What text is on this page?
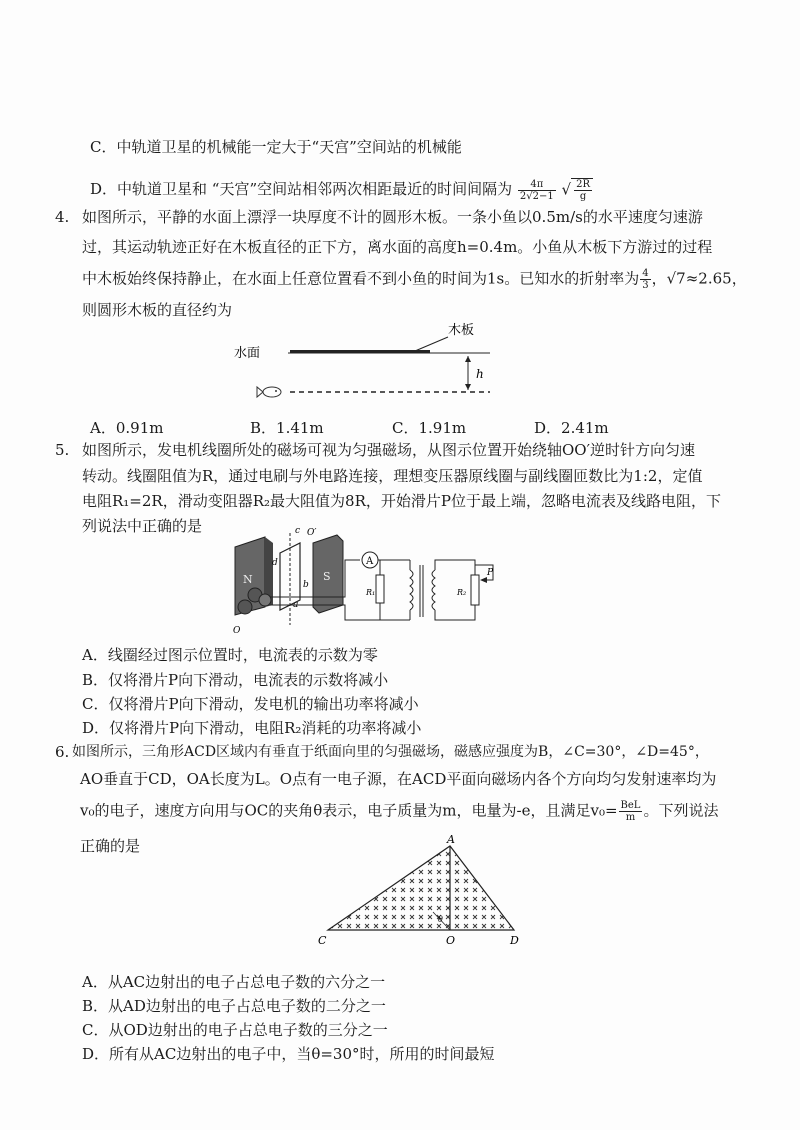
C．中轨道卫星的机械能一定大于“天宫”空间站的机械能
D．中轨道卫星和 “天宫”空间站相邻两次相距最近的时间间隔为 $\frac{4\pi}{2√2-1}$ √ $\frac{2R}{g}$
4. 如图所示，平静的水面上漂浮一块厚度不计的圆形木板。一条小鱼以0.5m/s的水平速度匀速游
过，其运动轨迹正好在木板直径的正下方，离水面的高度h=0.4m。小鱼从木板下方游过的过程
中木板始终保持静止，在水面上任意位置看不到小鱼的时间为1s。已知水的折射率为 $\frac{4}{3}$ ，√7≈2.65，
则圆形木板的直径约为
水面
木板
h
A．0.91m	B．1.41m	C．1.91m	D．2.41m
5. 如图所示，发电机线圈所处的磁场可视为匀强磁场，从图示位置开始绕轴OO′逆时针方向匀速
转动。线圈阻值为R，通过电刷与外电路连接，理想变压器原线圈与副线圈匝数比为1:2，定值
电阻R₁=2R，滑动变阻器R₂最大阻值为8R，开始滑片P位于最上端，忽略电流表及线路电阻，下
列说法中正确的是
N	S
c O′
d
b
a
O
A
R₁	R₂
P
A．线圈经过图示位置时，电流表的示数为零
B．仅将滑片P向下滑动，电流表的示数将减小
C．仅将滑片P向下滑动，发电机的输出功率将减小
D．仅将滑片P向下滑动，电阻R₂消耗的功率将减小
6. 如图所示，三角形ACD区域内有垂直于纸面向里的匀强磁场，磁感应强度为B，∠C=30°，∠D=45°，
AO垂直于CD，OA长度为L。O点有一电子源，在ACD平面向磁场内各个方向均匀发射速率均为
v₀的电子，速度方向用与OC的夹角θ表示，电子质量为m，电量为-e，且满足$v_0= \frac{\text{BeL}}{m}$ 。下列说法
正确的是
θ
A
C	O	D
A．从AC边射出的电子占总电子数的六分之一
B．从AD边射出的电子占总电子数的二分之一
C．从OD边射出的电子占总电子数的三分之一
D．所有从AC边射出的电子中，当θ=30°时，所用的时间最短
